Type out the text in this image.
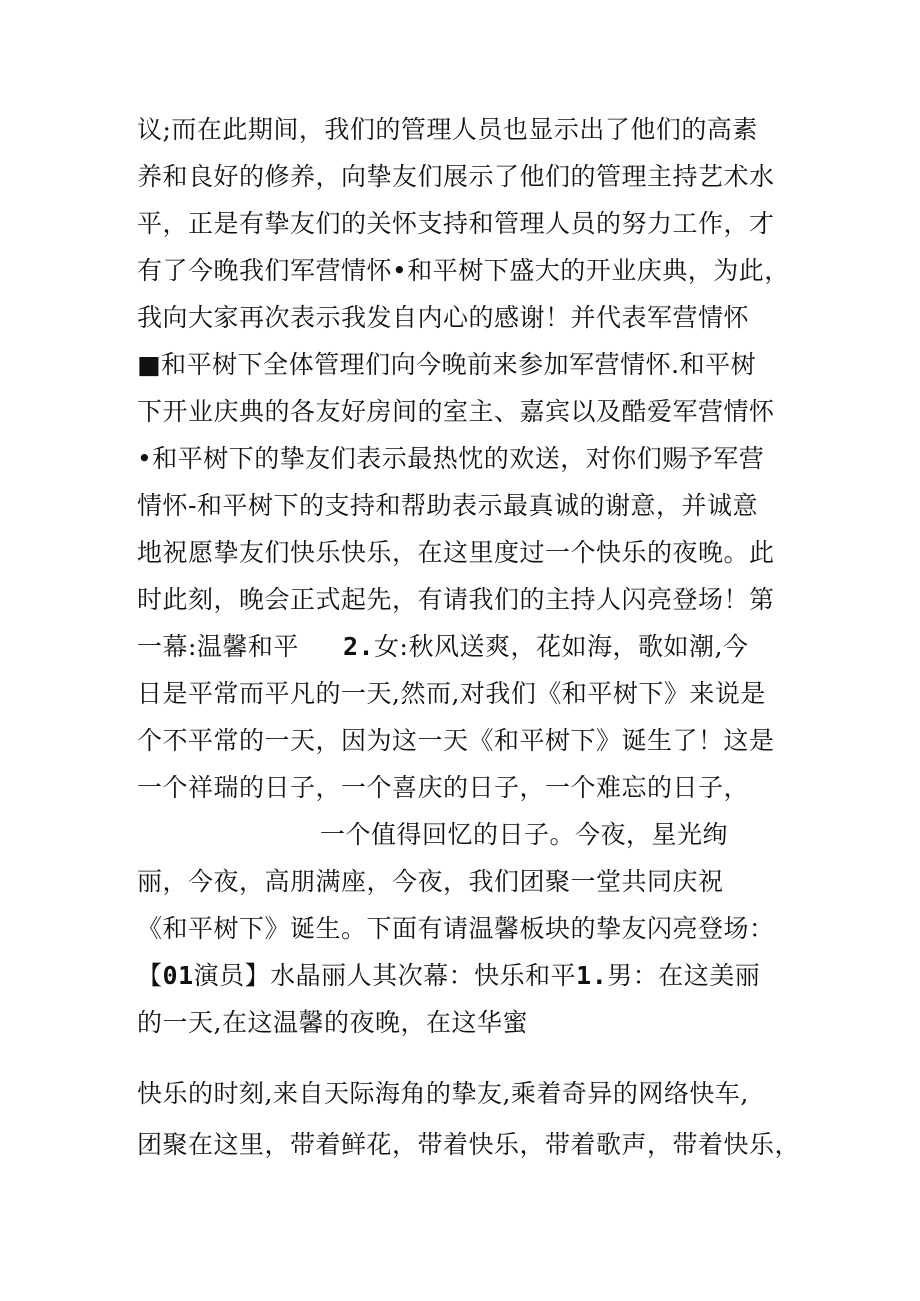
议;而在此期间，我们的管理人员也显示出了他们的高素
养和良好的修养，向挚友们展示了他们的管理主持艺术水
平，正是有挚友们的关怀支持和管理人员的努力工作，才
有了今晚我们军营情怀•和平树下盛大的开业庆典，为此，
我向大家再次表示我发自内心的感谢！并代表军营情怀
■和平树下全体管理们向今晚前来参加军营情怀.和平树
下开业庆典的各友好房间的室主、嘉宾以及酷爱军营情怀
•和平树下的挚友们表示最热忱的欢送，对你们赐予军营
情怀-和平树下的支持和帮助表示最真诚的谢意，并诚意
地祝愿挚友们快乐快乐，在这里度过一个快乐的夜晚。此
时此刻，晚会正式起先，有请我们的主持人闪亮登场！第
一幕:温馨和平 2.女:秋风送爽，花如海，歌如潮,今
日是平常而平凡的一天,然而,对我们《和平树下》来说是
个不平常的一天，因为这一天《和平树下》诞生了！这是
一个祥瑞的日子，一个喜庆的日子，一个难忘的日子，
一个值得回忆的日子。今夜，星光绚
丽，今夜，高朋满座，今夜，我们团聚一堂共同庆祝
《和平树下》诞生。下面有请温馨板块的挚友闪亮登场：
【01演员】水晶丽人其次幕：快乐和平1.男：在这美丽
的一天,在这温馨的夜晚，在这华蜜
快乐的时刻,来自天际海角的挚友,乘着奇异的网络快车,
团聚在这里，带着鲜花，带着快乐，带着歌声，带着快乐，
